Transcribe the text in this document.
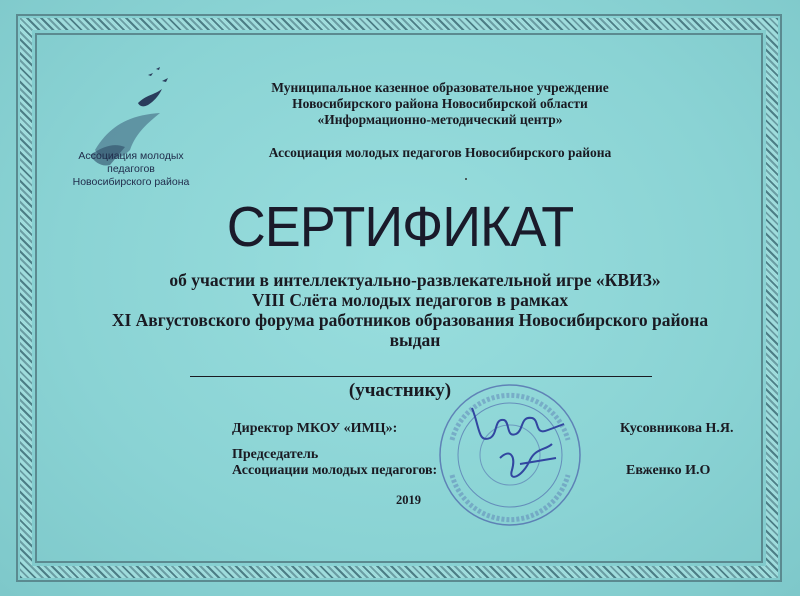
Ассоциация молодых педагогов
Новосибирского района
Муниципальное казенное образовательное учреждение
Новосибирского района Новосибирской области
«Информационно-методический центр»
Ассоциация молодых педагогов Новосибирского района
СЕРТИФИКАТ
об участии в интеллектуально-развлекательной игре «КВИЗ»
VIII Слёта молодых педагогов в рамках
XI Августовского форума работников образования Новосибирского района
выдан
(участнику)
Директор МКОУ «ИМЦ»:	Кусовникова Н.Я.
Председатель
Ассоциации молодых педагогов:	Евженко И.О
2019
